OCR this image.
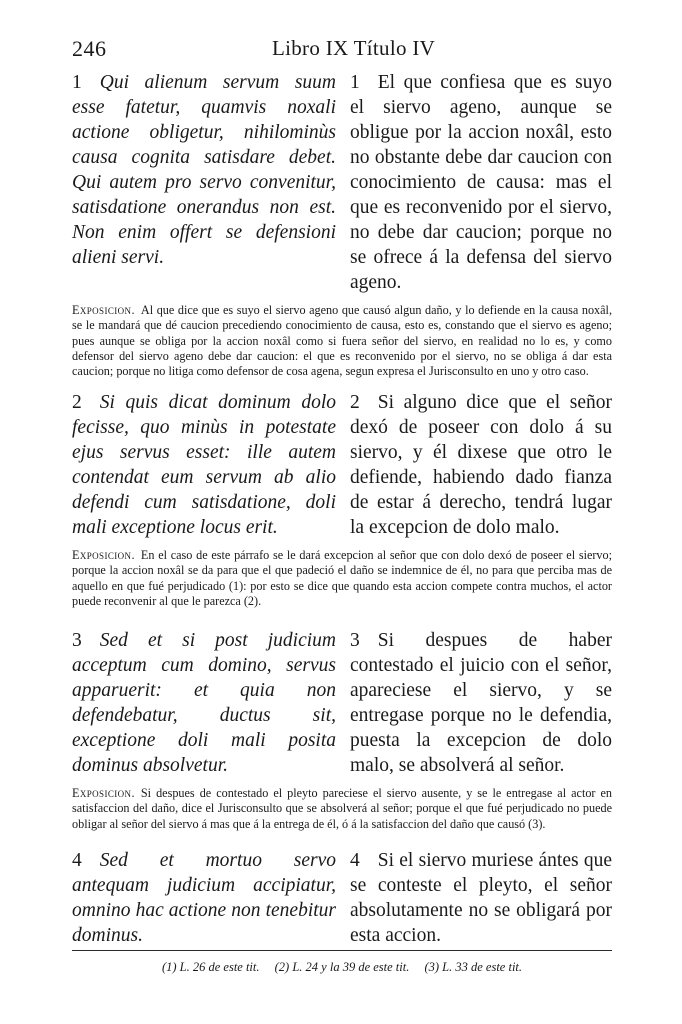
246	Libro IX Título IV
1 Qui alienum servum suum esse fatetur, quamvis noxali actione obligetur, nihilominùs causa cognita satisdare debet. Qui autem pro servo convenitur, satisdatione onerandus non est. Non enim offert se defensioni alieni servi.
1 El que confiesa que es suyo el siervo ageno, aunque se obligue por la accion noxâl, esto no obstante debe dar caucion con conocimiento de causa: mas el que es reconvenido por el siervo, no debe dar caucion; porque no se ofrece á la defensa del siervo ageno.
Exposicion. Al que dice que es suyo el siervo ageno que causó algun daño, y lo defiende en la causa noxâl, se le mandará que dé caucion precediendo conocimiento de causa, esto es, constando que el siervo es ageno; pues aunque se obliga por la accion noxâl como si fuera señor del siervo, en realidad no lo es, y como defensor del siervo ageno debe dar caucion: el que es reconvenido por el siervo, no se obliga á dar esta caucion; porque no litiga como defensor de cosa agena, segun expresa el Jurisconsulto en uno y otro caso.
2 Si quis dicat dominum dolo fecisse, quo minùs in potestate ejus servus esset: ille autem contendat eum servum ab alio defendi cum satisdatione, doli mali exceptione locus erit.
2 Si alguno dice que el señor dexó de poseer con dolo á su siervo, y él dixese que otro le defiende, habiendo dado fianza de estar á derecho, tendrá lugar la excepcion de dolo malo.
Exposicion. En el caso de este párrafo se le dará excepcion al señor que con dolo dexó de poseer el siervo; porque la accion noxâl se da para que el que padeció el daño se indemnice de él, no para que perciba mas de aquello en que fué perjudicado (1): por esto se dice que quando esta accion compete contra muchos, el actor puede reconvenir al que le parezca (2).
3 Sed et si post judicium acceptum cum domino, servus apparuerit: et quia non defendebatur, ductus sit, exceptione doli mali posita dominus absolvetur.
3 Si despues de haber contestado el juicio con el señor, apareciese el siervo, y se entregase porque no le defendia, puesta la excepcion de dolo malo, se absolverá al señor.
Exposicion. Si despues de contestado el pleyto pareciese el siervo ausente, y se le entregase al actor en satisfaccion del daño, dice el Jurisconsulto que se absolverá al señor; porque el que fué perjudicado no puede obligar al señor del siervo á mas que á la entrega de él, ó á la satisfaccion del daño que causó (3).
4 Sed et mortuo servo antequam judicium accipiatur, omnino hac actione non tenebitur dominus.
4 Si el siervo muriese ántes que se conteste el pleyto, el señor absolutamente no se obligará por esta accion.
(1) L. 26 de este tit. (2) L. 24 y la 39 de este tit. (3) L. 33 de este tit.
